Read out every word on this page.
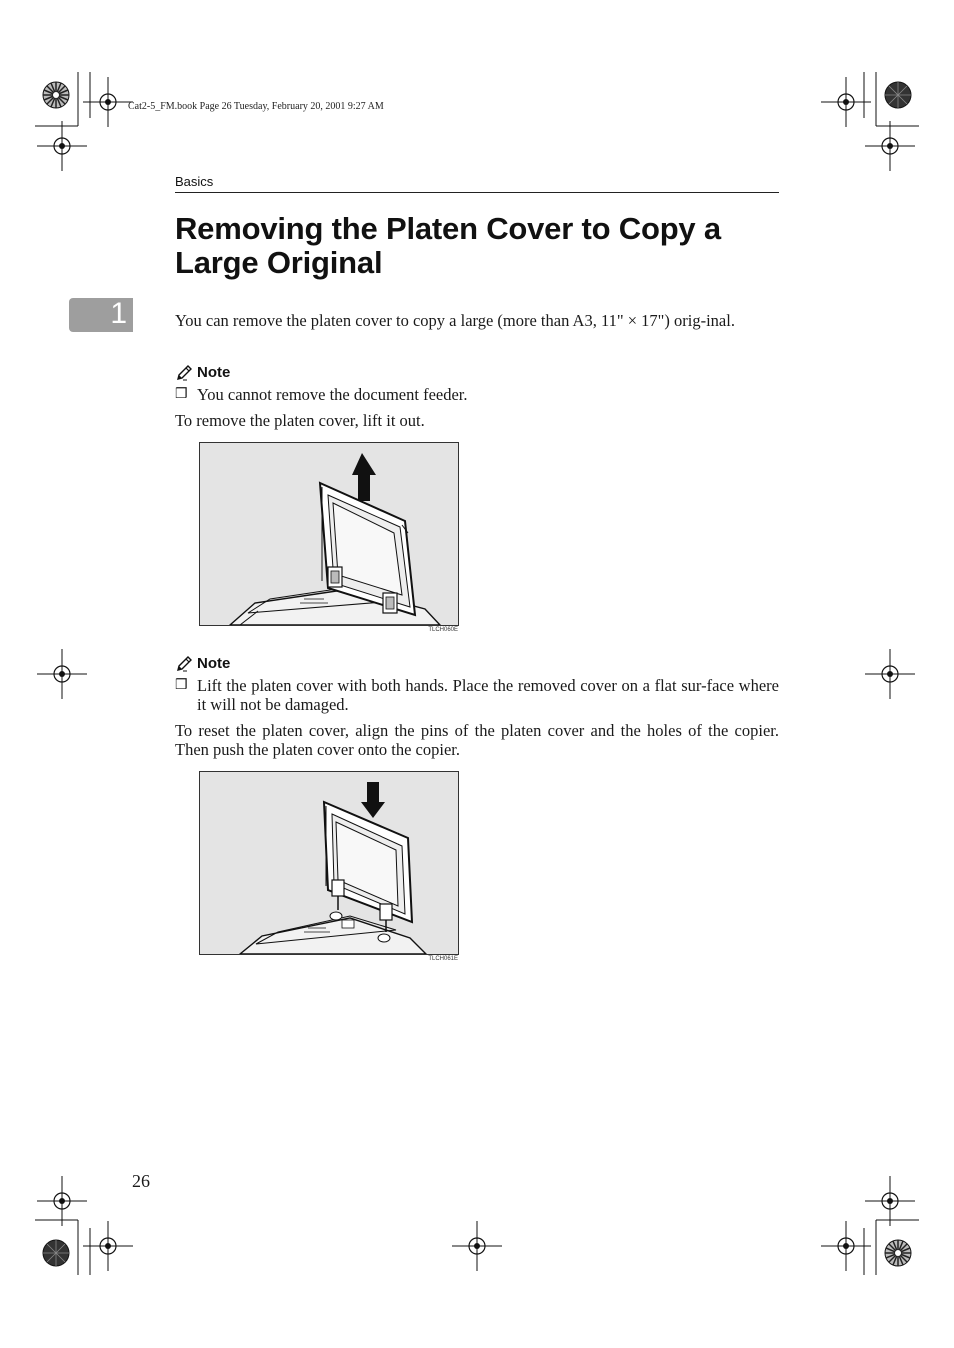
Cat2-5_FM.book Page 26 Tuesday, February 20, 2001 9:27 AM
Basics
Removing the Platen Cover to Copy a Large Original
1	You can remove the platen cover to copy a large (more than A3, 11" × 17") orig-inal.

Note
❒ You cannot remove the document feeder.

To remove the platen cover, lift it out.

TLCH060E
Note
❒ Lift the platen cover with both hands. Place the removed cover on a flat sur-face where it will not be damaged.

To reset the platen cover, align the pins of the platen cover and the holes of the copier. Then push the platen cover onto the copier.

TLCH061E
26
